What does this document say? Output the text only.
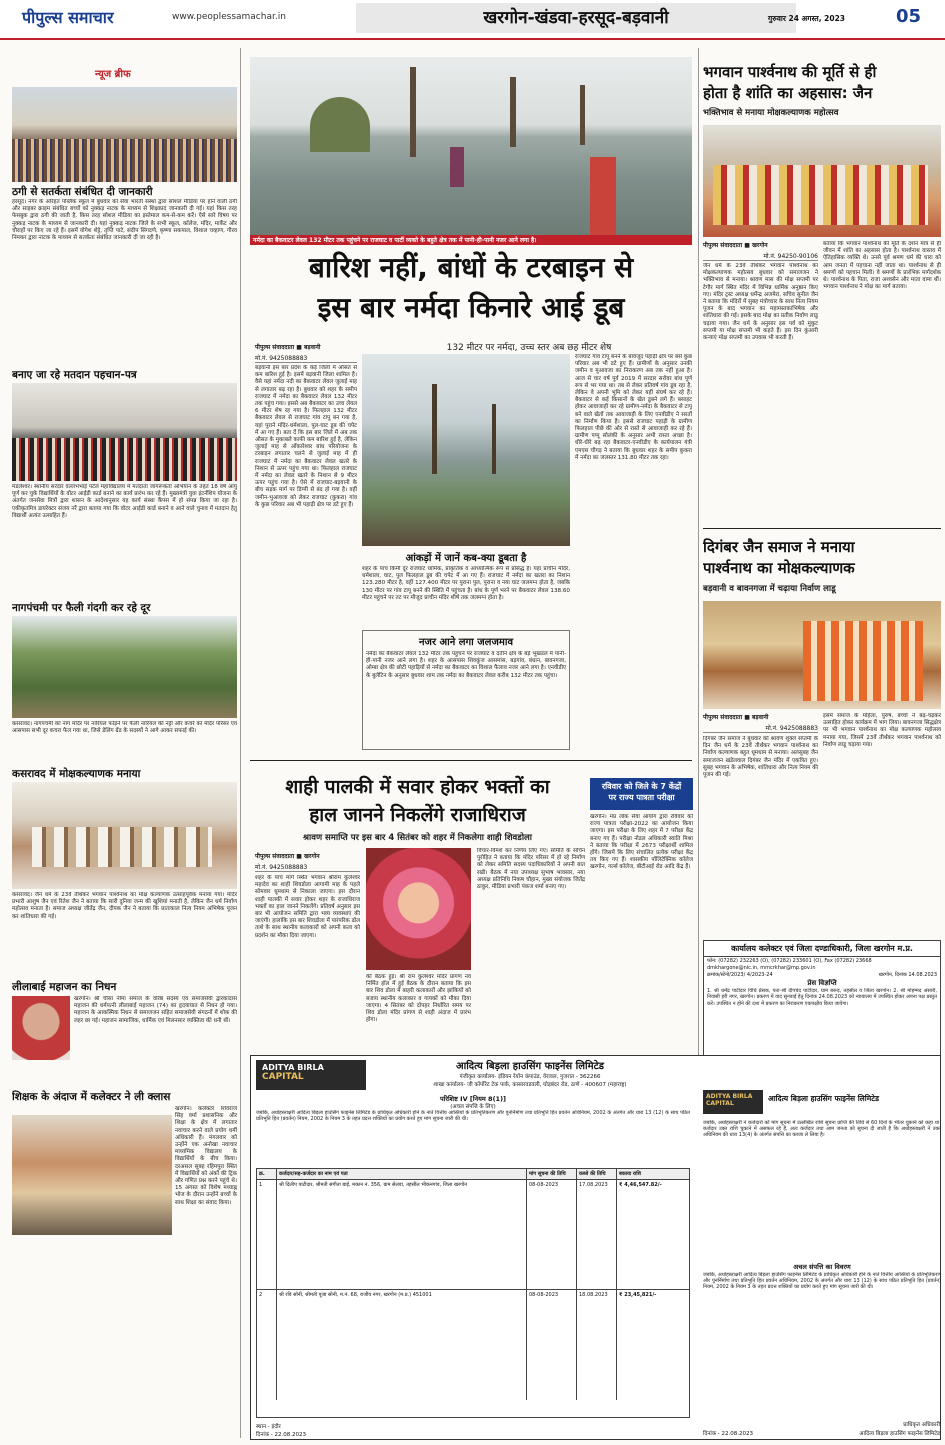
पीपुल्स समाचार	www.peoplessamachar.in	खरगोन-खंडवा-हरसूद-बड़वानी	गुरुवार 24 अगस्त, 2023	05
न्यूज ब्रीफ
ठगी से सतर्कता संबंधित दी जानकारी
हरसूद। नगर के अरिहंत पब्लिक स्कूल में बुधवार को सेवा भारती संस्था द्वारा सोशल मीडिया पर होने वाली ठगी और साइबर क्राइम संबंधित बच्चों को नुक्कड़ नाटक के माध्यम से शिक्षाप्रद जानकारी दी गई। यहां किस तरह फेसबुक द्वारा ठगी की जाती है, किस तरह सोशल मीडिया का इस्तेमाल कम-से-कम करें। ऐसे सारे विषय पर नुक्कड़ नाटक के माध्यम से जानकारी दी। यहां नुक्कड़ नाटक जिले के सभी स्कूल, कॉलेज, मंदिर, मार्केट और चौराहों पर किए जा रहे हैं। इसमें योगेश शेट्टे, तृप्ति पाटे, संदीप सिंगदणे, कृष्णा सकपाल, विशाल चव्हाण, गौरव निमकर द्वारा नाटक के माध्यम से सतर्कता संबंधित जानकारी दी जा रही है।
बनाए जा रहे मतदान पहचान-पत्र
मंडलेश्वर। स्थानीय सरदार वल्लभभाई पटेल महाविद्यालय में मतदाता जागरूकता अभियान के तहत 18 वर्ष आयु पूर्ण कर चुके विद्यार्थियों के वोटर आईडी कार्ड बनाने का कार्य प्रारंभ कर रहे हैं। मुख्यमंत्री युवा इंटर्नशिप योजना के अंतर्गत जनसेवा मित्रों द्वारा शासन के आदेशानुसार यह कार्य संस्था कैंपस में हो संपन्न किया जा रहा है। एकीकृतमित्र डायरेक्टर संजय नर्रे द्वारा बताया गया कि वोटर आईडी कार्ड बनाने व आने वाले चुनाव में मतदान हेतु विद्यार्थी अत्यंत उत्साहित हैं।
नागपंचमी पर फैली गंदगी कर रहे दूर
कसरावद। नागपंचमी को नाग मंदिर पर नारियल फोड़ने पर फैली नारियल की नट्टी और कचरे को मंदिर परिसर एवं आसपास सभी दूर कचरा फैल गया था, जिसे डेलिंग ग्रेंड के सदस्यों ने आगे आकर सफाई की।
कसरावद में मोक्षकल्याणक मनाया
कसरावद। जैन धर्म के 23वें तीर्थंकर भगवान पार्श्वनाथ का मोक्ष कल्याणक उत्साहपूर्वक मनाया गया। मंदिर प्रभारी आशुष जैन एवं रितेश जैन ने बताया कि सारी दुनिया जन्म की खुशियां मनाती है, लेकिन जैन धर्म निर्वाण महोत्सव मनाता है। समाज अध्यक्ष जीतेंद्र जैन, दीपक जैन ने बताया कि प्रातःकाल नित्य नियम अभिषेक पूजन कर शांतिधारा की गई।
लीलाबाई महाजन का निधन
खरगोन। श्री चौंसा नीमा समाज के वरिष्ठ सदस्य एवं समाजसेवी द्वारकादास महाजन की धर्मपत्नी लीलाबाई महाजन (74) का हृदयाघात से निधन हो गया। महाजन के आकस्मिक निधन से समाजजन सहित समाजसेवी संगठनों में शोक की लहर छा गई। महाजन सामाजिक, धार्मिक एवं मिलनसार व्यक्तित्व की धनी थीं।
शिक्षक के अंदाज में कलेक्टर ने ली क्लास
खरगोन। कलेक्टर शिवराज सिंह वर्मा प्रशासनिक और शिक्षा के क्षेत्र में लगातार नवाचार करने वाले प्रयोग धर्मी अधिकारी हैं। मंगलवार को उन्होंने एक अनोखा नवाचार माध्यमिक विद्यालय के विद्यार्थियों के बीच किया। दरअसल सुबह रहिमपुरा स्थित में विद्यार्थियों को अंकों की ट्रिक और गणित प्रश्न करने पहुंचे थे। 15 अगस्त को विशेष मध्याह्न भोज के दौरान उन्होंने बच्चों के साथ शिक्षा का संवाद किया।
नर्मदा का बैकवाटर लेवल 132 मीटर तक पहुंचने पर राजघाट व पार्टी व्यक्ते के बहुते क्षेत्र तक में पानी-ही-पानी नजर आने लगा है।
बारिश नहीं, बांधों के टरबाइन से
इस बार नर्मदा किनारे आई डूब
132 मीटर पर नर्मदा, उच्च स्तर अब छह मीटर शेष
पीपुल्स संवाददाता ■ बड़वानी
मो.नं. 9425088883
बड़वानी इस बार प्रदेश के कई जिलों में औसत से कम बारिश हुई है। इसमें बड़वानी जिला शामिल है। वैसे यहां नर्मदा नदी का बैकवाटर लेवल जुलाई माह से लगातार बढ़ रहा है। बुधवार को शहर के समीप राजघाट में नर्मदा का बैकवाटर लेवल 132 मीटर तक पहुंच गया। इससे अब बैकवाटर का उच्च लेवल 6 मीटर शेष रह गया है। फिलहाल 132 मीटर बैकवाटर लेवल से राजघाट गांव टापू बन गया है, यहां पुराने मंदिर-धर्मशाला, पुल-घाट डूब की चपेट में आ गए हैं। बता दें कि इस बार जिले में अब तक औसत के मुकाबले काफी कम बारिश हुई है, लेकिन जुलाई माह से ओंकारेश्वर बांध परियोजना के टरबाइन लगातार चलने से जुलाई माह में ही राजघाट में नर्मदा का बैकवाटर लेवल खतरे के निशान से ऊपर पहुंच गया था। फिलहाल राजघाट में नर्मदा का लेवल खतरे के निशान से 9 मीटर ऊपर पहुंच गया है। ऐसे में राजघाट-बड़वानी के बीच सड़क मार्ग पर डिप्पी से बंद हो गया है। वहीं जमीन-भुआवजा को लेकर राजघाट (कुकरा) गांव के कुछ परिवार अब भी पहाड़ी क्षेत्र पर डटे हुए हैं।
आंकड़ों में जानें कब-क्या डूबता है
शहर के पांच किमी दूर राजघाट धार्मिक, प्राकृतिक व आध्यात्मिक रूप से प्रसिद्ध है। यहां प्राचीन मंदिर, धर्मशाला, घाट, पुल फिलहाल डूब की चपेट में आ गए हैं। राजघाट में नर्मदा का खतरा का निशान 123.280 मीटर है, वहीं 127.400 मीटर पर पुराना पुल, पुराना व नया घाट जलमग्न होता है, जबकि 130 मीटर पर गांव टापू बनने की स्थिति में पहुंचता है। बांध के पूर्ण भरने पर बैकवाटर लेवल 138.60 मीटर पहुंचने पर तट पर मौजूद प्राचीन मंदिर शीर्ष तक जलमग्न होता है।
नजर आने लगा जलजमाव
नर्मदा का बैकवाटर लेवल 132 मीटर तक पहुंचने पर राजघाट व दतीन क्षेत्र के बड़े भूखंडल में पानी-ही-पानी नजर आने लगा है। शहर के आसपास शिवकुंज आसमांस, बड़गांव, बंधान, बावनगजा, ओम्बा क्षेत्र की छोटी पहाड़ियों से नर्मदा का बैकवाटर का विशाल फैलाव नजर आने लगा है। एनवीडीए के बुलेटिन के अनुसार बुधवार शाम तक नर्मदा का बैकवाटर लेवल करीब 132 मीटर तक पहुंचा।
राजघाट गांव टापू बनने के बावजूद पहाड़ी क्षेत्र पर बसे कुछ परिवार अब भी डटे हुए हैं। ग्रामीणों के अनुसार उनकी जमीन व मुआवजा का निराकरण अब तक नहीं हुआ है। आज से चार वर्ष पूर्व 2019 में सरदार सरोवर बांध पूर्ण रूप से भर गया था। तब से लेकर प्रतिवर्ष गांव डूब रहा है, लेकिन वे अपनी भूमि को लेकर यहीं संघर्ष कर रहे हैं। बैकवाटर से कई किसानों के खेत डूबने लगे हैं। बसाहट होकर आवाजाही कर रहे ग्रामीण-नर्मदा के बैकवाटर से टापू बने वाले खेतों तक आवाजाही के लिए एनवीडीए ने सरतों का निर्माण किया है। इससे राजघाट पहाड़ी के ग्रामीण फिलहाल पीछे की ओर से रास्ते से आवाजाही कर रहे हैं। ग्रामीण पप्पू सोलंकी के अनुसार अभी रास्ता अच्छा है। धीरे-धीरे बढ़ रहा बैकवाटर-एनवीडीए के कार्यपालन यंत्री एमएस चौगड़ ने बताया कि बुधवार शहर के समीप कुकरा में नर्मदा का जलस्तर 131.80 मीटर तक रहा।
भगवान पार्श्वनाथ की मूर्ति से ही
होता है शांति का अहसास: जैन
भक्तिभाव से मनाया मोक्षकल्याणक महोत्सव
पीपुल्स संवाददाता ■ खरगोन
मो.नं. 94250-90106
जैन धर्म के 23वें तीर्थंकर भगवान पार्श्वनाथ का मोक्षकल्याणक महोत्सव बुधवार को समाजजन ने भक्तिभाव से मनाया। श्रावण मास की मोक्ष सप्तमी पर टेगौर मार्ग स्थित मंदिर में विभिन्न धार्मिक अनुष्ठान किए गए। मंदिर ट्रस्ट अध्यक्ष धर्मेन्द्र अजमेरा, सचिव सुनील जैन ने बताया कि मंदिरों में सुबह मंत्रोच्चार के साथ नित्य नियम पूजन के बाद भगवान का महामस्तकाभिषेक और शांतिधारा की गई। इसके बाद मोक्ष का प्रतीक निर्वाण लाडू चढ़ाया गया। जैन धर्म के अनुसार इस पर्व को मुकुट सप्तमी या मोक्ष सप्तमी भी कहते हैं। इस दिन कुंआरी कन्याएं मोक्ष सप्तमी का उपवास भी करती हैं।
बताया कि भगवान पार्श्वनाथ की मूर्ति के दर्शन मात्र से ही जीवन में शांति का अहसास होता है। पार्श्वनाथ वास्तव में ऐतिहासिक व्यक्ति थे। उनसे पूर्व श्रमण धर्म की धारा को आम जनता में पहचाना नहीं जाता था। पार्श्वनाथ से ही श्रमणों को पहचान मिली। वे श्रमणों के प्रारंभिक मार्गदर्शक थे। पार्श्वनाथ के पिता, राजा अश्वसेन और माता वामा थीं। भगवान पार्श्वनाथ ने मोक्ष का मार्ग बताया।
दिगंबर जैन समाज ने मनाया
पार्श्वनाथ का मोक्षकल्याणक
बड़वानी व बावनगजा में चढ़ाया निर्वाण लाडू
पीपुल्स संवाददाता ■ बड़वानी
मो.नं. 9425088883
दिगंबर जैन समाज ने बुधवार को श्रावण शुक्ल सप्तमी के दिन जैन धर्म के 23वें तीर्थंकर भगवान पार्श्वनाथ का निर्वाण कल्याणक बहुत धूमधाम से मनाया। अलसुबह जैन समाजजन खंडेलवाल दिगंबर जैन मंदिर में एकत्रित हुए। सुबह भगवान के अभिषेक, शांतिधारा और नित्य नियम की पूजन की गई।
इसमें समाज के महिला, पुरुष, बच्चों ने बढ़-चढ़कर उत्साहित होकर कार्यक्रम में भाग लिया। बावनगजा सिद्धक्षेत्र पर भी भगवान पार्श्वनाथ का मोक्ष कल्याणक महोत्सव मनाया गया, जिसमें 23वें तीर्थंकर भगवान पार्श्वनाथ को निर्वाण लाडू चढ़ाया गया।
शाही पालकी में सवार होकर भक्तों का
हाल जानने निकलेंगे राजाधिराज
श्रावण समाप्ति पर इस बार 4 सितंबर को शहर में निकलेगा शाही शिवडोला
पीपुल्स संवाददाता ■ खरगोन
मो.नं. 9425088883
शहर के पांच मार्ग स्थित भगवान श्रीराम कुलेश्वर महादेव का शाही शिवडोला आगामी माह के पहले सोमवार धूमधाम से निकाला जाएगा। इस दौरान शाही पालकी में सवार होकर शहर के राजाधिराज भक्तों का हाल जानने निकलेंगे। प्रतिवर्ष अनुसार इस बार भी आयोजन समिति द्वारा भव्य व्यवस्थाएं की जाएंगी। हालांकि इस बार शिवडोला में पारंपरिक ढोल ताशे के साथ स्थानीय कलाकारों को अपनी कला को प्रदर्शन का मौका दिया जाएगा।
की बैठक हुई। श्री राम कुलेश्वर मंदिर प्रांगण नव निर्मित हॉल में हुई बैठक के दौरान बताया कि इस बार शिव डोला में बाहरी कलाकारों और झांकियों को बजाय स्थानीय कलाकार व गायकों को मौका दिया जाएगा। 4 सितंबर को दोपहर निर्धारित समय पर शिव डोला मंदिर प्रांगण से शाही अंदाज में प्रारंभ होगा।
विचार-विमर्श कर निर्णय लिए गए। समिति के संचिन पुरोहित ने बताया कि मंदिर परिसर में हो रहे निर्माण को लेकर समिति सदस्य पदाधिकारियों ने अपनी बात रखी। बैठक में नया उपाध्यक्ष सुभाष भावसार, नया अध्यक्ष प्रतिनिधि निकष चौहान, मुख्य संयोजक जितेंद्र ठाकुर, मीडिया प्रभारी पंकज शर्मा बनाए गए।
रविवार को जिले के 7 केंद्रों
पर राज्य पात्रता परीक्षा
खरगोन। मप्र लोक सेवा आयोग द्वारा रविवार को राज्य पात्रता परीक्षा-2022 का आयोजन किया जाएगा। इस परीक्षा के लिए शहर में 7 परीक्षा केंद्र बनाए गए हैं। परीक्षा नोडल अधिकारी स्वाति मिश्रा ने बताया कि परीक्षा में 2673 परीक्षार्थी शामिल होंगे। जिसमें कि लिए संचालित प्रत्येक परीक्षा केंद्र तय किए गए हैं। शासकीय पॉलिटेक्निक कॉलेज खरगोन, गर्ल्स कॉलेज, बीटीआई रोड आदि केंद्र हैं।
कार्यालय कलेक्टर एवं जिला दण्डाधिकारी, जिला खरगोन म.प्र.
फोन: (07282) 232263 (O), (07282) 233601 (O), Fax (07282) 23668
dmkhargone@nic.in, mmcrkhar@mp.gov.in
क्रमांक/स्टेनो/2023/ 4/2023-24	खरगोन, दिनांक 14.08.2023
प्रेस विज्ञप्ति
1. श्री धर्मेंद्र पाटीदार विधि प्रेसक, पता-श्री दीपचंद पाटीदार, ग्राम बरूड़, तहसील व जिला खरगोन। 2. श्री मोहम्मद अंसारी, निवासी हरी नगर, खरगोन। प्रकरण में वाद सुनवाई हेतु दिनांक 24.08.2023 को न्यायालय में उपस्थित होकर अपना पक्ष प्रस्तुत करें। उपस्थित न होने की दशा में प्रकरण का निराकरण एकपक्षीय किया जावेगा।
ADITYA BIRLA
CAPITAL
आदित्य बिड़ला हाउसिंग फाइनेंस लिमिटेड
पंजीकृत कार्यालय- इंडियन रेयॉन कंपाउंड, वेरावल, गुजरात - 362266
शाखा कार्यालय- जी कॉर्पोरेट टेक पार्क, कासारवडवली, घोड़बंदर रोड, ठाणे - 400607 (महाराष्ट्र)
परिशिष्ट IV [नियम 8(1)]
(अचल संपत्ति के लिए)
जबकि, अधोहस्ताक्षरी आदित्य बिड़ला हाउसिंग फाइनेंस लिमिटेड के प्राधिकृत अधिकारी होने के नाते वित्तीय आस्तियों के प्रतिभूतिकरण और पुनर्निर्माण तथा प्रतिभूति हित प्रवर्तन अधिनियम, 2002 के अंतर्गत और धारा 13 (12) के साथ पठित प्रतिभूति हित (प्रवर्तन) नियम, 2002 के नियम 3 के तहत प्रदत्त शक्तियों का प्रयोग करते हुए मांग सूचना जारी की थी।
क्र.	कर्जदार/सह-कर्जदार का नाम एवं पता	मांग सूचना की तिथि	कब्जे की तिथि	बकाया राशि
1	श्री दिलीप पाटीदार, श्रीमती संगीता बाई, मकान नं. 356, ग्राम सेलवा, तहसील भीकनगांव, जिला खरगोन	08-08-2023	17.08.2023	₹ 4,46,547.82/-
2	श्री रवि सोनी, श्रीमती पूजा सोनी, म.नं. 68, राजीव नगर, खरगोन (म.प्र.) 451001	08-08-2023	18.08.2023	₹ 23,45,821/-
स्थान - इंदौर
दिनांक - 22.08.2023
ADITYA BIRLA
CAPITAL
आदित्य बिड़ला हाउसिंग फाइनेंस लिमिटेड
जबकि, अधोहस्ताक्षरी ने कर्जदारों को मांग सूचना में उल्लेखित राशि सूचना प्राप्ति की तिथि से 60 दिनों के भीतर चुकाने को कहा था। कर्जदार उक्त राशि चुकाने में असफल रहे हैं, अतः कर्जदार तथा आम जनता को सूचना दी जाती है कि अधोहस्ताक्षरी ने उक्त अधिनियम की धारा 13(4) के अंतर्गत संपत्ति का कब्जा ले लिया है।
अचल संपत्ति का विवरण
जबकि, अधोहस्ताक्षरी आदित्य बिड़ला हाउसिंग फाइनेंस लिमिटेड के प्राधिकृत अधिकारी होने के नाते वित्तीय आस्तियों के प्रतिभूतिकरण और पुनर्निर्माण तथा प्रतिभूति हित प्रवर्तन अधिनियम, 2002 के अंतर्गत और धारा 13 (12) के साथ पठित प्रतिभूति हित (प्रवर्तन) नियम, 2002 के नियम 3 के तहत प्रदत्त शक्तियों का प्रयोग करते हुए मांग सूचना जारी की थी।
प्राधिकृत अधिकारी
आदित्य बिड़ला हाउसिंग फाइनेंस लिमिटेड
दिनांक - 22.08.2023
